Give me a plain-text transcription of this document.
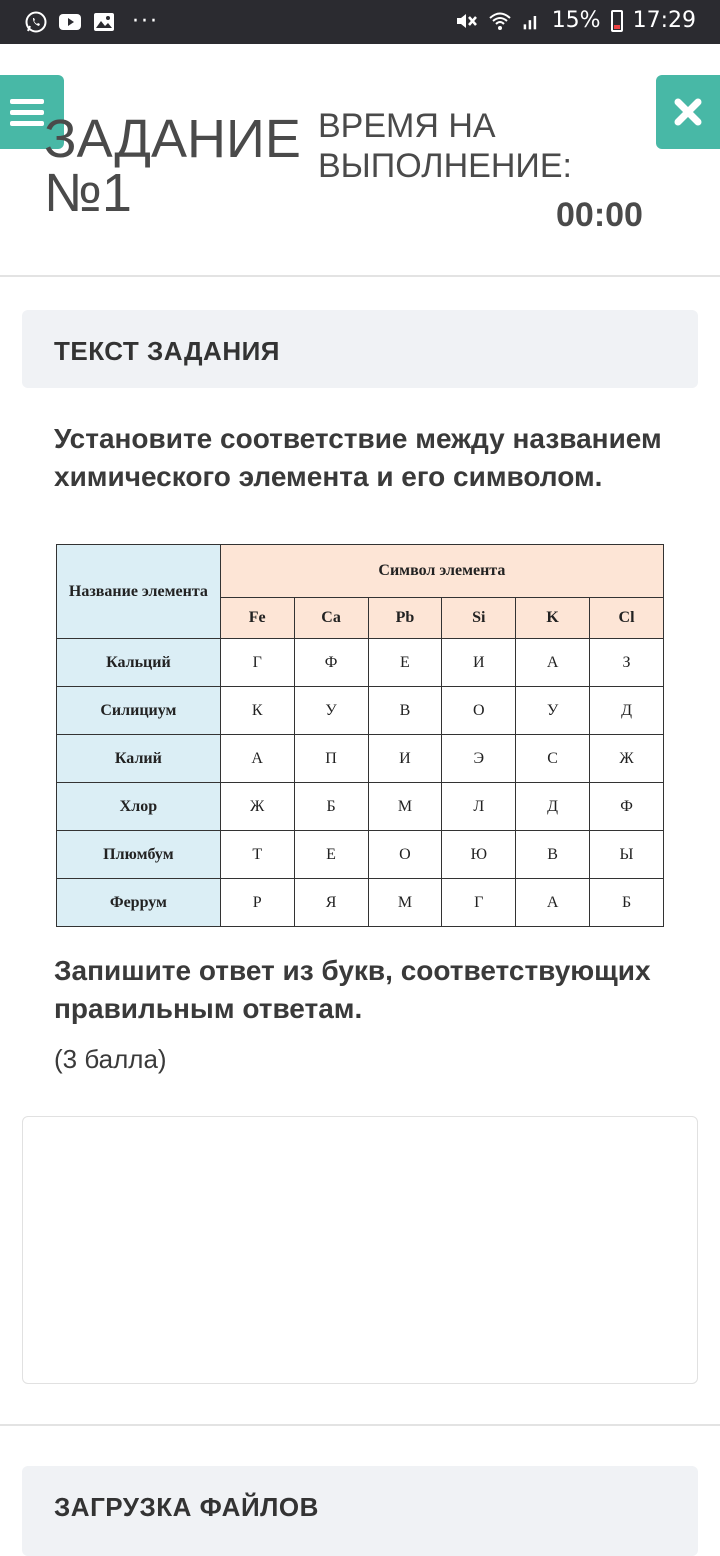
···	15% 17:29
ЗАДАНИЕ №1
ВРЕМЯ НА ВЫПОЛНЕНИЕ:
00:00
ТЕКСТ ЗАДАНИЯ
Установите соответствие между названием химического элемента и его символом.
Название элемента	Символ элемента					
	Fe	Ca	Pb	Si	K	Cl
Кальций	Г	Ф	Е	И	А	З
Силициум	К	У	В	О	У	Д
Калий	А	П	И	Э	С	Ж
Хлор	Ж	Б	М	Л	Д	Ф
Плюмбум	Т	Е	О	Ю	В	Ы
Феррум	Р	Я	М	Г	А	Б
Запишите ответ из букв, соответствующих правильным ответам.
(3 балла)
ЗАГРУЗКА ФАЙЛОВ
